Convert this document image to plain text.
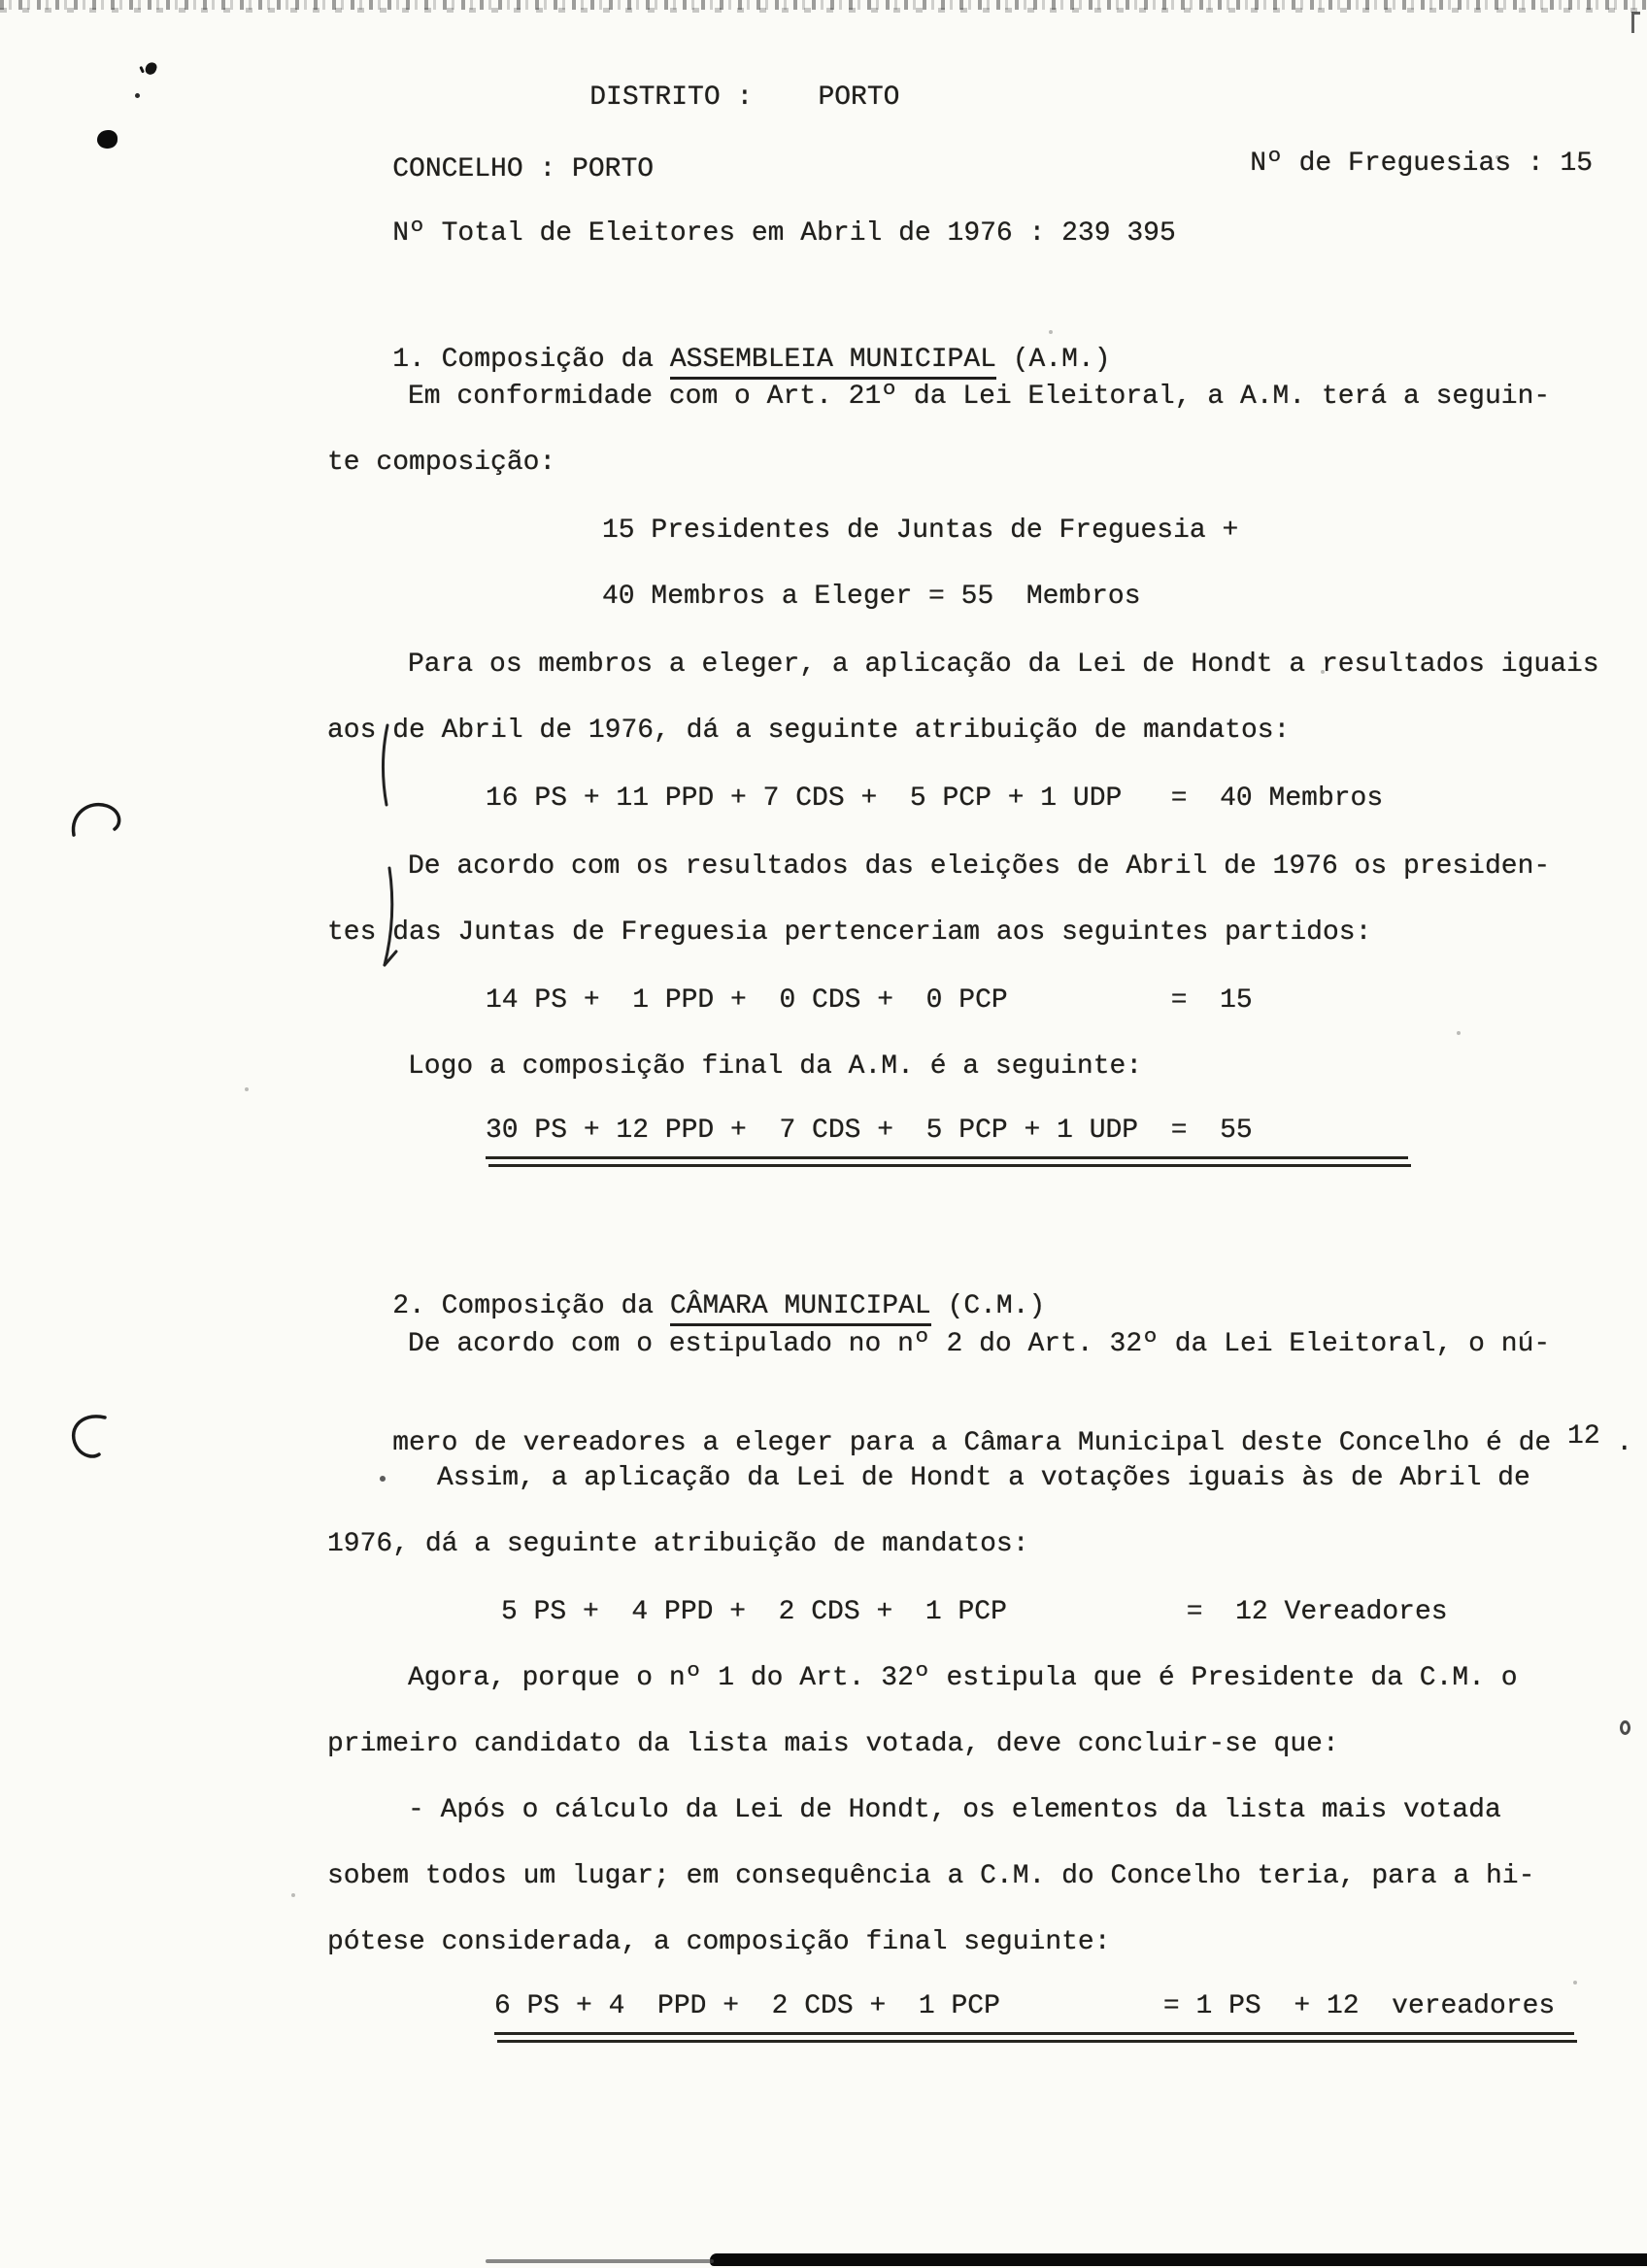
DISTRITO : PORTO

CONCELHO : PORTO
	Nº de Freguesias : 15

Nº Total de Eleitores em Abril de 1976 : 239 395

1. Composição da ASSEMBLEIA MUNICIPAL (A.M.)

Em conformidade com o Art. 21º da Lei Eleitoral, a A.M. terá a seguin-
te composição:
15 Presidentes de Juntas de Freguesia +
40 Membros a Eleger = 55  Membros
Para os membros a eleger, a aplicação da Lei de Hondt a resultados iguais
aos de Abril de 1976, dá a seguinte atribuição de mandatos:
16 PS + 11 PPD + 7 CDS +  5 PCP + 1 UDP   =  40 Membros
De acordo com os resultados das eleições de Abril de 1976 os presiden-
tes das Juntas de Freguesia pertenceriam aos seguintes partidos:
14 PS +  1 PPD +  0 CDS +  0 PCP          =  15
Logo a composição final da A.M. é a seguinte:
30 PS + 12 PPD +  7 CDS +  5 PCP + 1 UDP  =  55

2. Composição da CÂMARA MUNICIPAL (C.M.)

De acordo com o estipulado no nº 2 do Art. 32º da Lei Eleitoral, o nú-

mero de vereadores a eleger para a Câmara Municipal deste Concelho é de 12 .

Assim, a aplicação da Lei de Hondt a votações iguais às de Abril de
1976, dá a seguinte atribuição de mandatos:
5 PS +  4 PPD +  2 CDS +  1 PCP           =  12 Vereadores
Agora, porque o nº 1 do Art. 32º estipula que é Presidente da C.M. o
primeiro candidato da lista mais votada, deve concluir-se que:
- Após o cálculo da Lei de Hondt, os elementos da lista mais votada
sobem todos um lugar; em consequência a C.M. do Concelho teria, para a hi-
pótese considerada, a composição final seguinte:
6 PS + 4  PPD +  2 CDS +  1 PCP          = 1 PS  + 12  vereadores
